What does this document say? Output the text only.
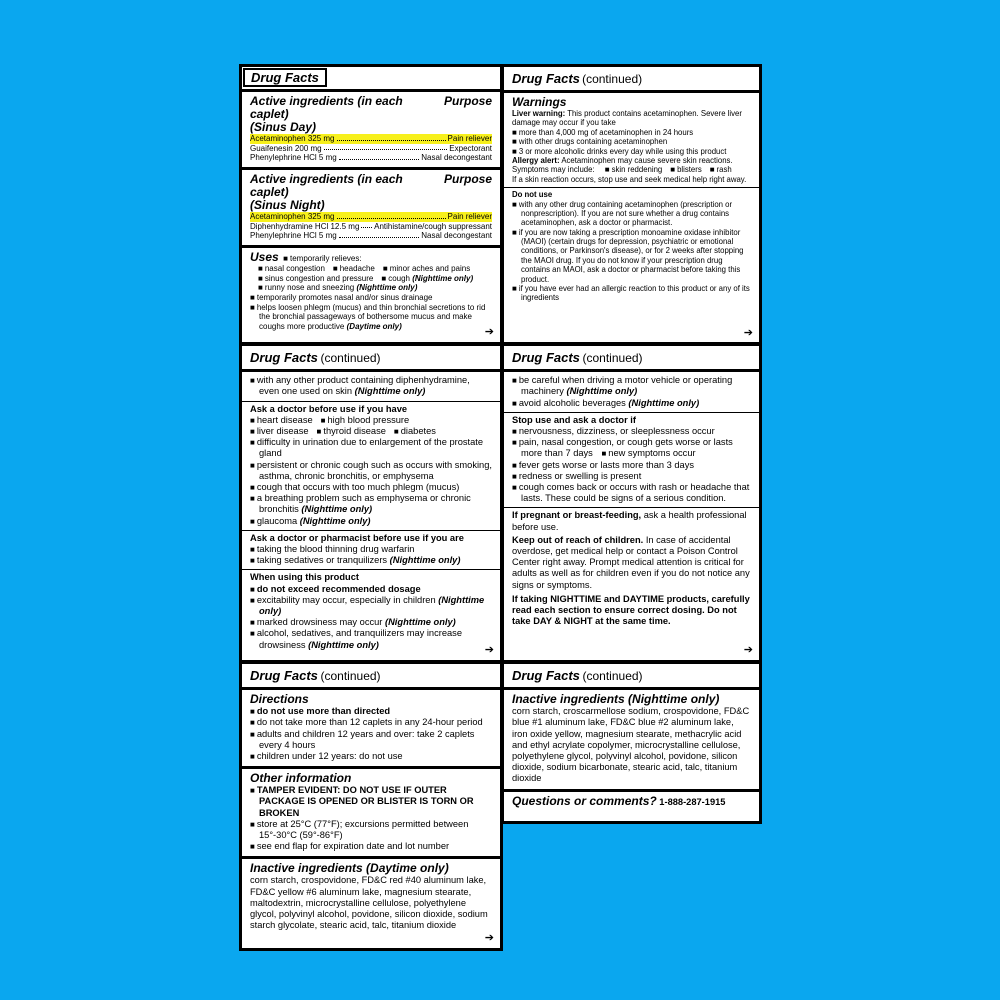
Drug Facts
Active ingredients (in each caplet)
(Sinus Day)
Purpose
Acetaminophen 325 mg	Pain reliever
Guaifenesin 200 mg	Expectorant
Phenylephrine HCl 5 mg	Nasal decongestant
Active ingredients (in each caplet)
(Sinus Night)
Purpose
Acetaminophen 325 mg	Pain reliever
Diphenhydramine HCl 12.5 mg Antihistamine/cough suppressant
Phenylephrine HCl 5 mg	Nasal decongestant
Uses ■ temporarily relieves:
■ nasal congestion ■ headache ■ minor aches and pains
■ sinus congestion and pressure ■ cough (Nighttime only)
■ runny nose and sneezing (Nighttime only)
■ temporarily promotes nasal and/or sinus drainage
■ helps loosen phlegm (mucus) and thin bronchial secretions to rid the bronchial passageways of bothersome mucus and make coughs more productive (Daytime only)	➔
Drug Facts (continued)
Warnings
Liver warning: This product contains acetaminophen. Severe liver damage may occur if you take
■ more than 4,000 mg of acetaminophen in 24 hours
■ with other drugs containing acetaminophen
■ 3 or more alcoholic drinks every day while using this product
Allergy alert: Acetaminophen may cause severe skin reactions. Symptoms may include: ■ skin reddening ■ blisters ■ rash
If a skin reaction occurs, stop use and seek medical help right away.
Do not use
■ with any other drug containing acetaminophen (prescription or nonprescription). If you are not sure whether a drug contains acetaminophen, ask a doctor or pharmacist.
■ if you are now taking a prescription monoamine oxidase inhibitor (MAOI) (certain drugs for depression, psychiatric or emotional conditions, or Parkinson's disease), or for 2 weeks after stopping the MAOI drug. If you do not know if your prescription drug contains an MAOI, ask a doctor or pharmacist before taking this product.
■ if you have ever had an allergic reaction to this product or any of its ingredients
➔
Drug Facts (continued)
■ with any other product containing diphenhydramine, even one used on skin (Nighttime only)
Ask a doctor before use if you have
■ heart disease ■ high blood pressure
■ liver disease ■ thyroid disease ■ diabetes
■ difficulty in urination due to enlargement of the prostate gland
■ persistent or chronic cough such as occurs with smoking, asthma, chronic bronchitis, or emphysema
■ cough that occurs with too much phlegm (mucus)
■ a breathing problem such as emphysema or chronic bronchitis (Nighttime only)
■ glaucoma (Nighttime only)
Ask a doctor or pharmacist before use if you are
■ taking the blood thinning drug warfarin
■ taking sedatives or tranquilizers (Nighttime only)
When using this product
■ do not exceed recommended dosage
■ excitability may occur, especially in children (Nighttime only)
■ marked drowsiness may occur (Nighttime only)
■ alcohol, sedatives, and tranquilizers may increase drowsiness (Nighttime only)	➔
Drug Facts (continued)
■ be careful when driving a motor vehicle or operating machinery (Nighttime only)
■ avoid alcoholic beverages (Nighttime only)
Stop use and ask a doctor if
■ nervousness, dizziness, or sleeplessness occur
■ pain, nasal congestion, or cough gets worse or lasts more than 7 days ■ new symptoms occur
■ fever gets worse or lasts more than 3 days
■ redness or swelling is present
■ cough comes back or occurs with rash or headache that lasts. These could be signs of a serious condition.
If pregnant or breast-feeding, ask a health professional before use.
Keep out of reach of children. In case of accidental overdose, get medical help or contact a Poison Control Center right away. Prompt medical attention is critical for adults as well as for children even if you do not notice any signs or symptoms.
If taking NIGHTTIME and DAYTIME products, carefully read each section to ensure correct dosing. Do not take DAY & NIGHT at the same time.
➔
Drug Facts (continued)
Directions
■ do not use more than directed
■ do not take more than 12 caplets in any 24-hour period
■ adults and children 12 years and over: take 2 caplets every 4 hours
■ children under 12 years: do not use
Other information
■ TAMPER EVIDENT: DO NOT USE IF OUTER PACKAGE IS OPENED OR BLISTER IS TORN OR BROKEN
■ store at 25°C (77°F); excursions permitted between 15°-30°C (59°-86°F)
■ see end flap for expiration date and lot number
Inactive ingredients (Daytime only)
corn starch, crospovidone, FD&C red #40 aluminum lake, FD&C yellow #6 aluminum lake, magnesium stearate, maltodextrin, microcrystalline cellulose, polyethylene glycol, polyvinyl alcohol, povidone, silicon dioxide, sodium starch glycolate, stearic acid, talc, titanium dioxide
➔
Drug Facts (continued)
Inactive ingredients (Nighttime only)
corn starch, croscarmellose sodium, crospovidone, FD&C blue #1 aluminum lake, FD&C blue #2 aluminum lake, iron oxide yellow, magnesium stearate, methacrylic acid and ethyl acrylate copolymer, microcrystalline cellulose, polyethylene glycol, polyvinyl alcohol, povidone, silicon dioxide, sodium bicarbonate, stearic acid, talc, titanium dioxide
Questions or comments? 1-888-287-1915
